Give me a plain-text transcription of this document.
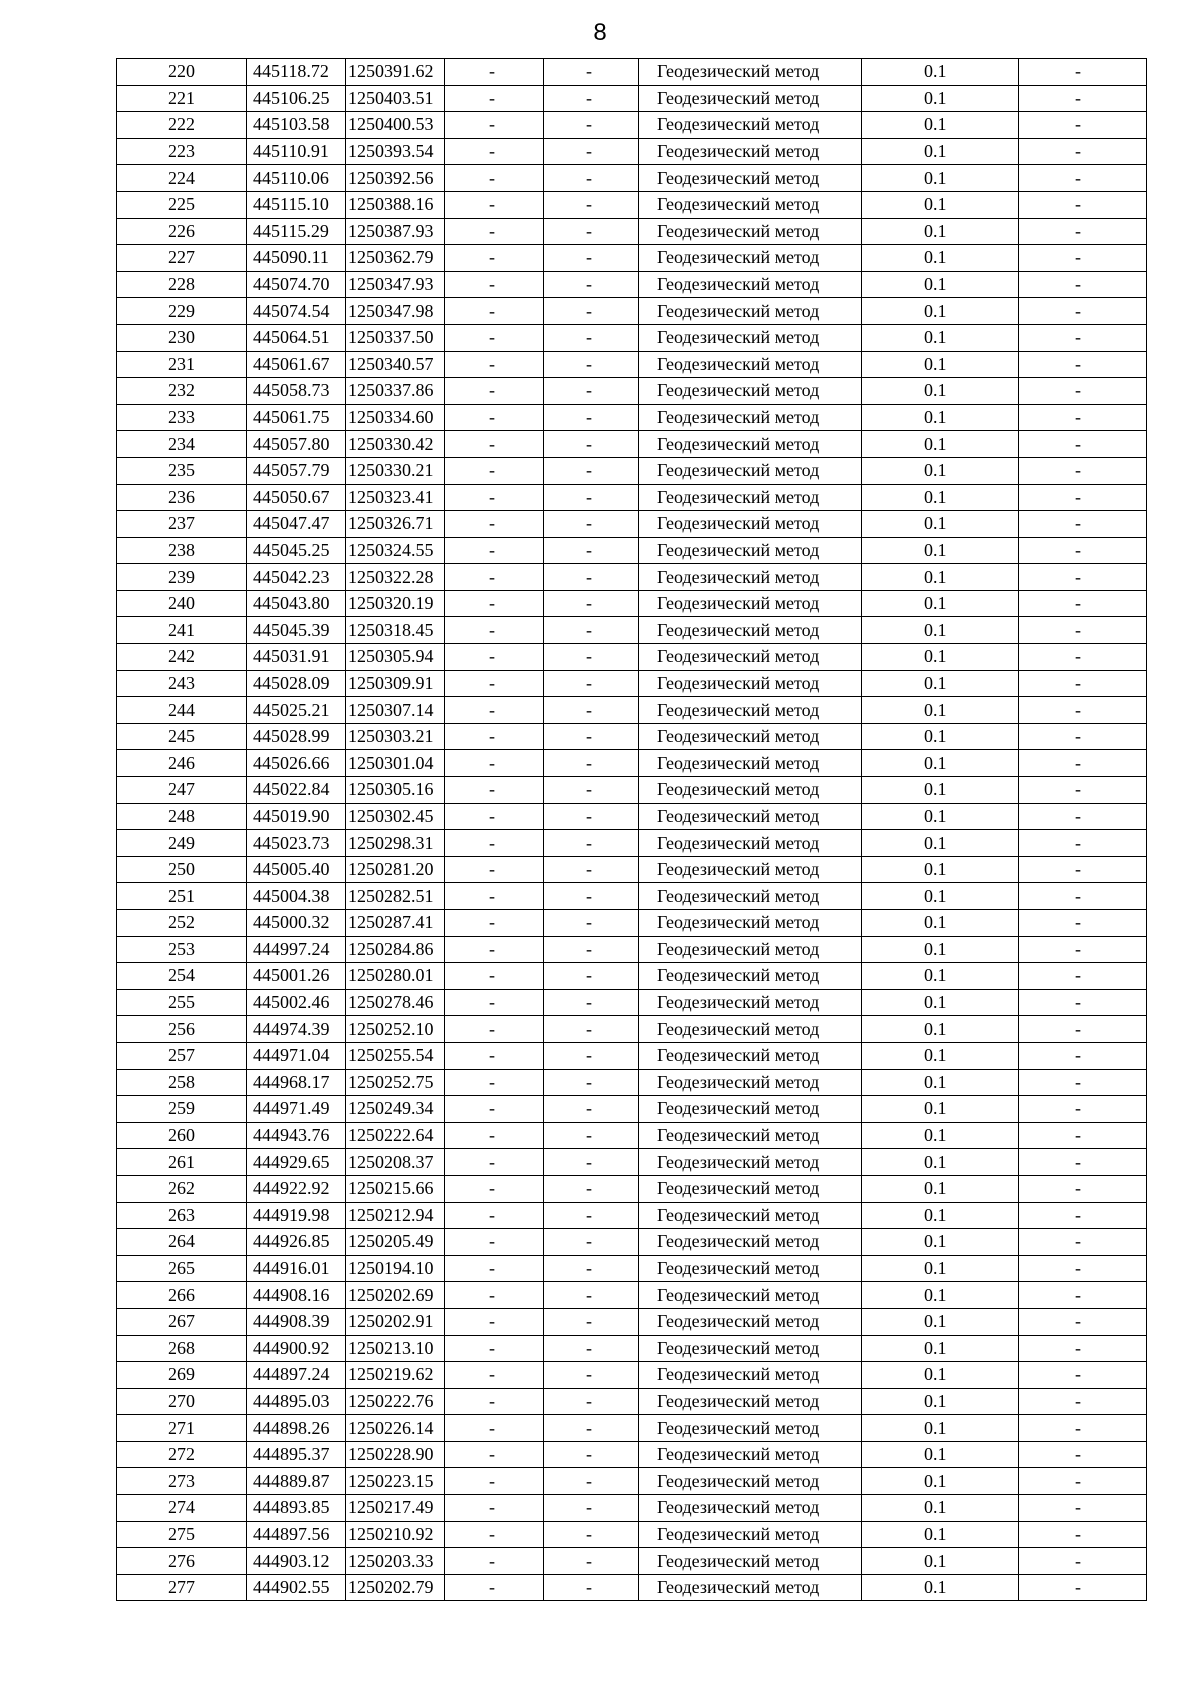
8
220	445118.72	1250391.62	-	-	Геодезический метод	0.1	-
221	445106.25	1250403.51	-	-	Геодезический метод	0.1	-
222	445103.58	1250400.53	-	-	Геодезический метод	0.1	-
223	445110.91	1250393.54	-	-	Геодезический метод	0.1	-
224	445110.06	1250392.56	-	-	Геодезический метод	0.1	-
225	445115.10	1250388.16	-	-	Геодезический метод	0.1	-
226	445115.29	1250387.93	-	-	Геодезический метод	0.1	-
227	445090.11	1250362.79	-	-	Геодезический метод	0.1	-
228	445074.70	1250347.93	-	-	Геодезический метод	0.1	-
229	445074.54	1250347.98	-	-	Геодезический метод	0.1	-
230	445064.51	1250337.50	-	-	Геодезический метод	0.1	-
231	445061.67	1250340.57	-	-	Геодезический метод	0.1	-
232	445058.73	1250337.86	-	-	Геодезический метод	0.1	-
233	445061.75	1250334.60	-	-	Геодезический метод	0.1	-
234	445057.80	1250330.42	-	-	Геодезический метод	0.1	-
235	445057.79	1250330.21	-	-	Геодезический метод	0.1	-
236	445050.67	1250323.41	-	-	Геодезический метод	0.1	-
237	445047.47	1250326.71	-	-	Геодезический метод	0.1	-
238	445045.25	1250324.55	-	-	Геодезический метод	0.1	-
239	445042.23	1250322.28	-	-	Геодезический метод	0.1	-
240	445043.80	1250320.19	-	-	Геодезический метод	0.1	-
241	445045.39	1250318.45	-	-	Геодезический метод	0.1	-
242	445031.91	1250305.94	-	-	Геодезический метод	0.1	-
243	445028.09	1250309.91	-	-	Геодезический метод	0.1	-
244	445025.21	1250307.14	-	-	Геодезический метод	0.1	-
245	445028.99	1250303.21	-	-	Геодезический метод	0.1	-
246	445026.66	1250301.04	-	-	Геодезический метод	0.1	-
247	445022.84	1250305.16	-	-	Геодезический метод	0.1	-
248	445019.90	1250302.45	-	-	Геодезический метод	0.1	-
249	445023.73	1250298.31	-	-	Геодезический метод	0.1	-
250	445005.40	1250281.20	-	-	Геодезический метод	0.1	-
251	445004.38	1250282.51	-	-	Геодезический метод	0.1	-
252	445000.32	1250287.41	-	-	Геодезический метод	0.1	-
253	444997.24	1250284.86	-	-	Геодезический метод	0.1	-
254	445001.26	1250280.01	-	-	Геодезический метод	0.1	-
255	445002.46	1250278.46	-	-	Геодезический метод	0.1	-
256	444974.39	1250252.10	-	-	Геодезический метод	0.1	-
257	444971.04	1250255.54	-	-	Геодезический метод	0.1	-
258	444968.17	1250252.75	-	-	Геодезический метод	0.1	-
259	444971.49	1250249.34	-	-	Геодезический метод	0.1	-
260	444943.76	1250222.64	-	-	Геодезический метод	0.1	-
261	444929.65	1250208.37	-	-	Геодезический метод	0.1	-
262	444922.92	1250215.66	-	-	Геодезический метод	0.1	-
263	444919.98	1250212.94	-	-	Геодезический метод	0.1	-
264	444926.85	1250205.49	-	-	Геодезический метод	0.1	-
265	444916.01	1250194.10	-	-	Геодезический метод	0.1	-
266	444908.16	1250202.69	-	-	Геодезический метод	0.1	-
267	444908.39	1250202.91	-	-	Геодезический метод	0.1	-
268	444900.92	1250213.10	-	-	Геодезический метод	0.1	-
269	444897.24	1250219.62	-	-	Геодезический метод	0.1	-
270	444895.03	1250222.76	-	-	Геодезический метод	0.1	-
271	444898.26	1250226.14	-	-	Геодезический метод	0.1	-
272	444895.37	1250228.90	-	-	Геодезический метод	0.1	-
273	444889.87	1250223.15	-	-	Геодезический метод	0.1	-
274	444893.85	1250217.49	-	-	Геодезический метод	0.1	-
275	444897.56	1250210.92	-	-	Геодезический метод	0.1	-
276	444903.12	1250203.33	-	-	Геодезический метод	0.1	-
277	444902.55	1250202.79	-	-	Геодезический метод	0.1	-
